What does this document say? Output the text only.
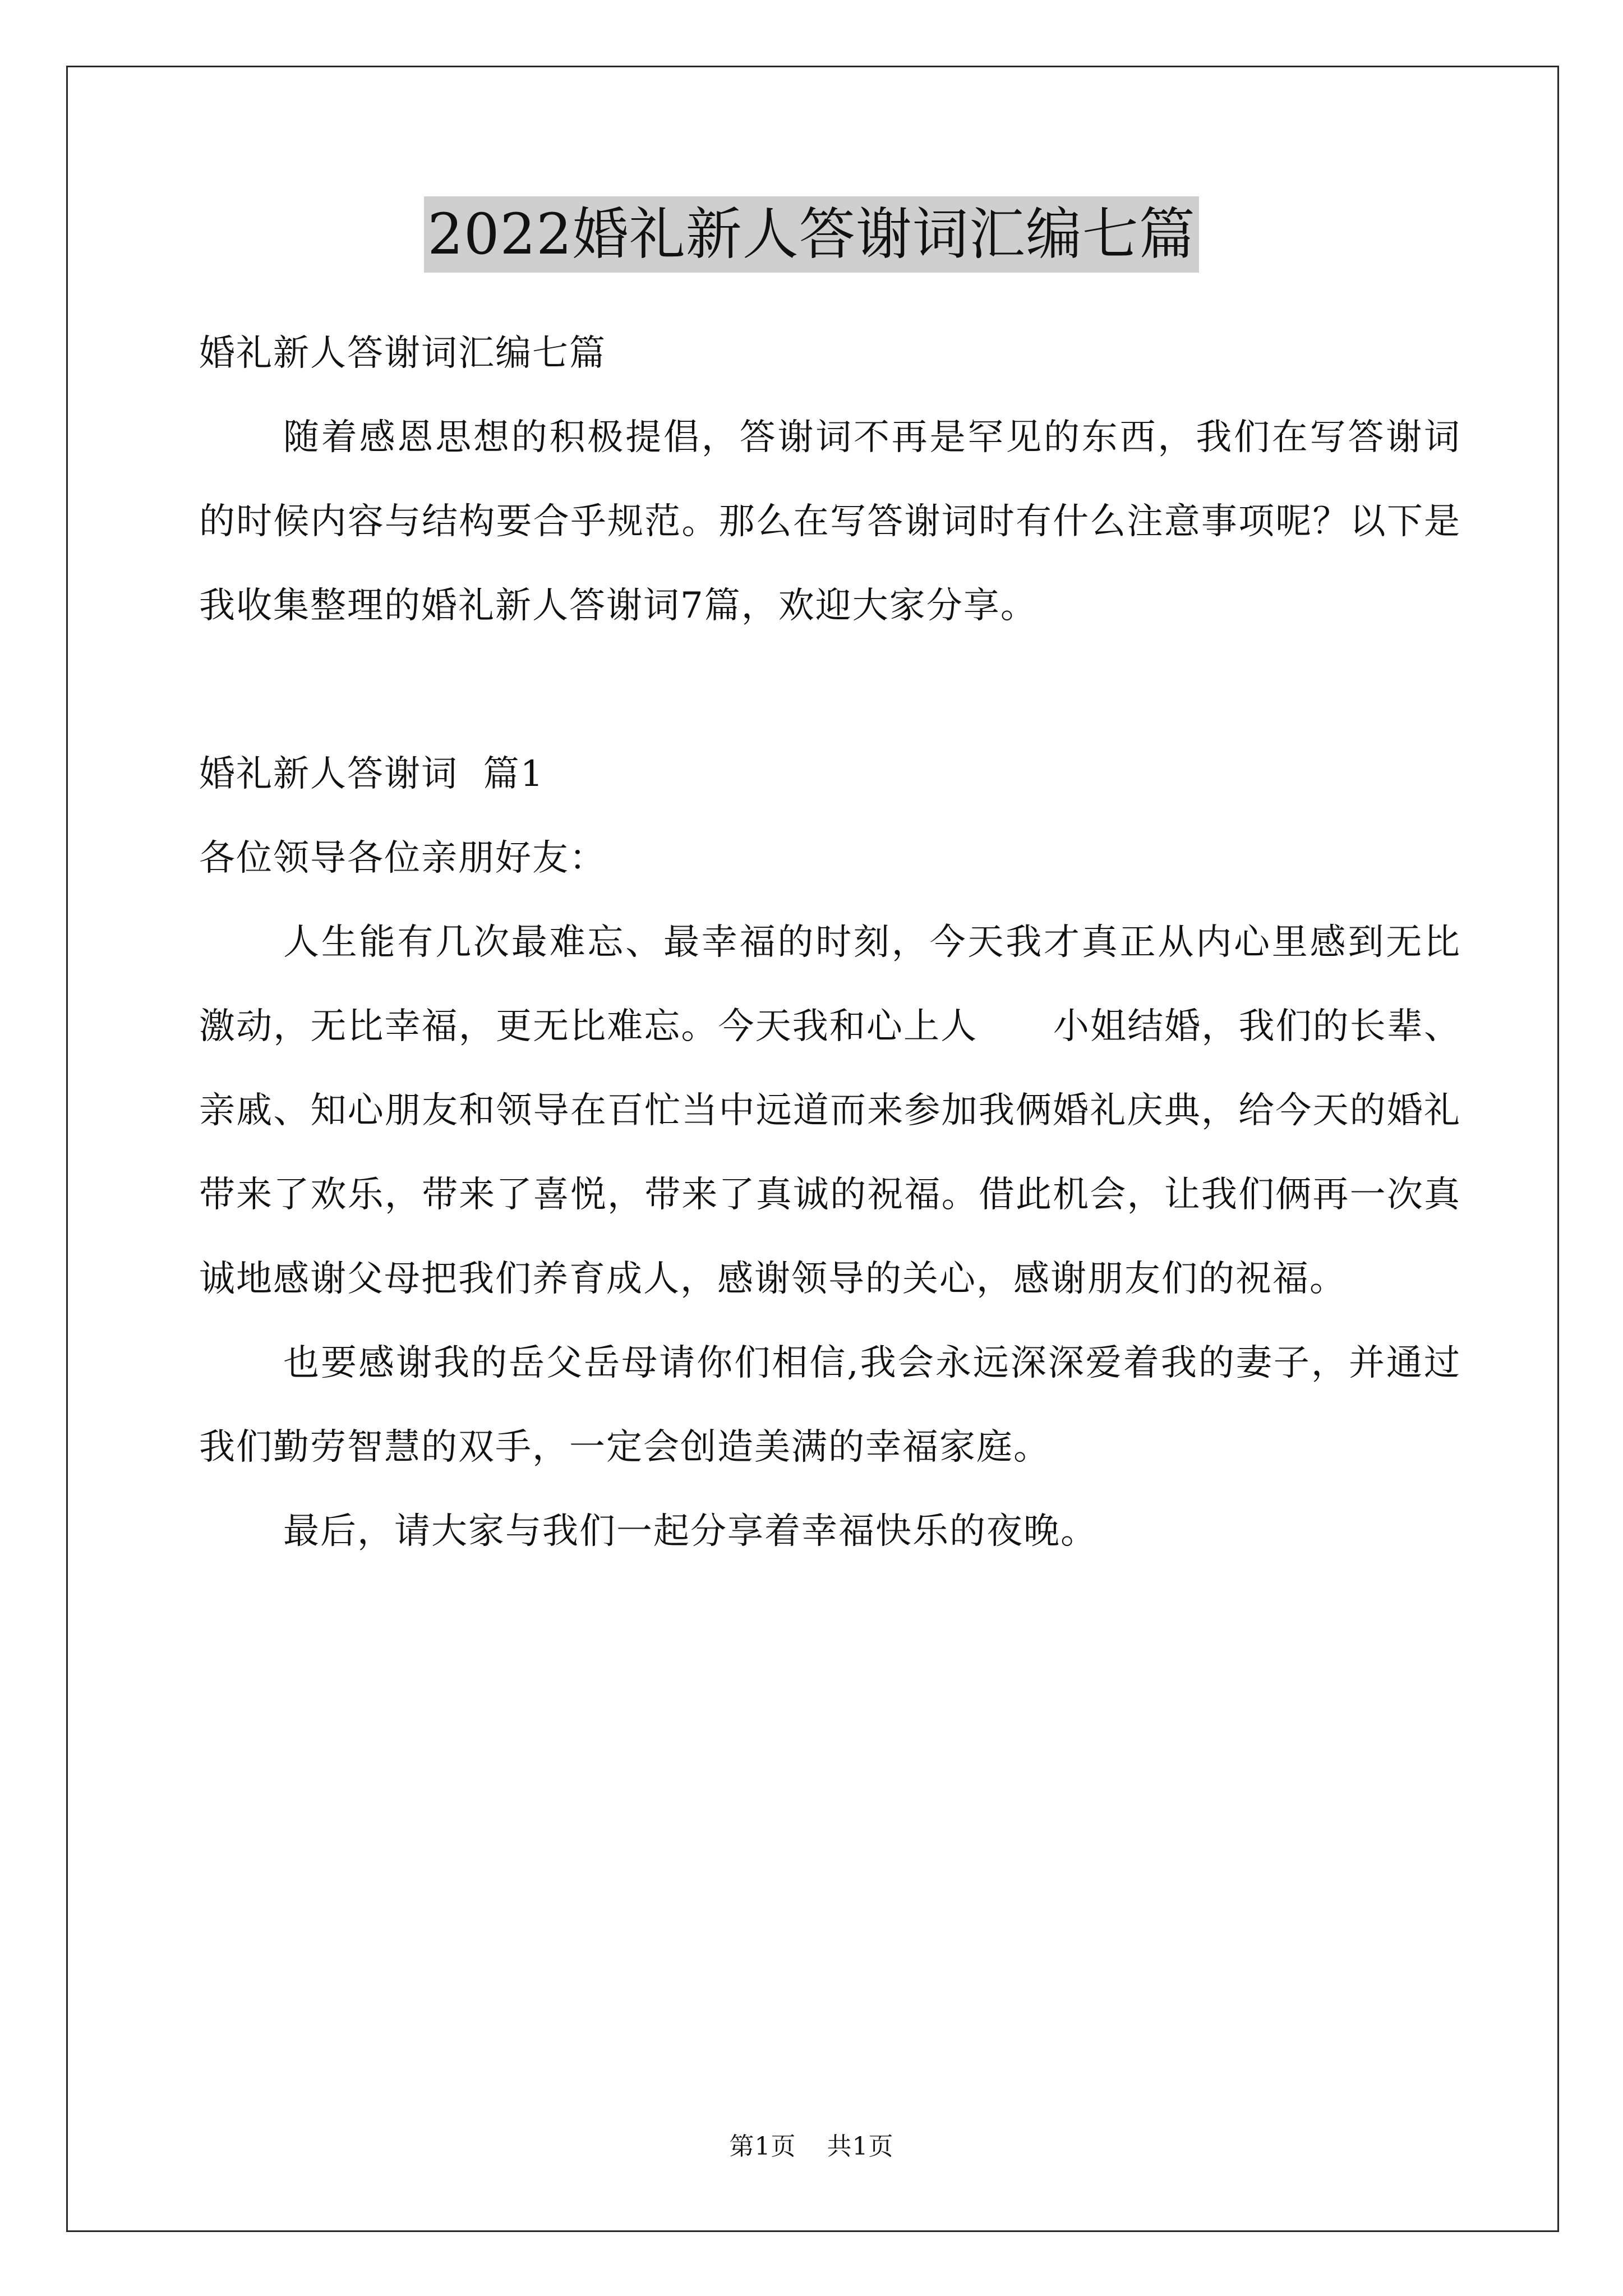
2022婚礼新人答谢词汇编七篇

婚礼新人答谢词汇编七篇

随着感恩思想的积极提倡，答谢词不再是罕见的东西，我们在写答谢词的时候内容与结构要合乎规范。那么在写答谢词时有什么注意事项呢？以下是我收集整理的婚礼新人答谢词7篇，欢迎大家分享。

婚礼新人答谢词  篇1

各位领导各位亲朋好友：

人生能有几次最难忘、最幸福的时刻，今天我才真正从内心里感到无比激动，无比幸福，更无比难忘。今天我和心上人      小姐结婚，我们的长辈、亲戚、知心朋友和领导在百忙当中远道而来参加我俩婚礼庆典，给今天的婚礼带来了欢乐，带来了喜悦，带来了真诚的祝福。借此机会，让我们俩再一次真诚地感谢父母把我们养育成人，感谢领导的关心，感谢朋友们的祝福。

也要感谢我的岳父岳母请你们相信,我会永远深深爱着我的妻子，并通过我们勤劳智慧的双手，一定会创造美满的幸福家庭。

最后，请大家与我们一起分享着幸福快乐的夜晚。

第1页 共1页
